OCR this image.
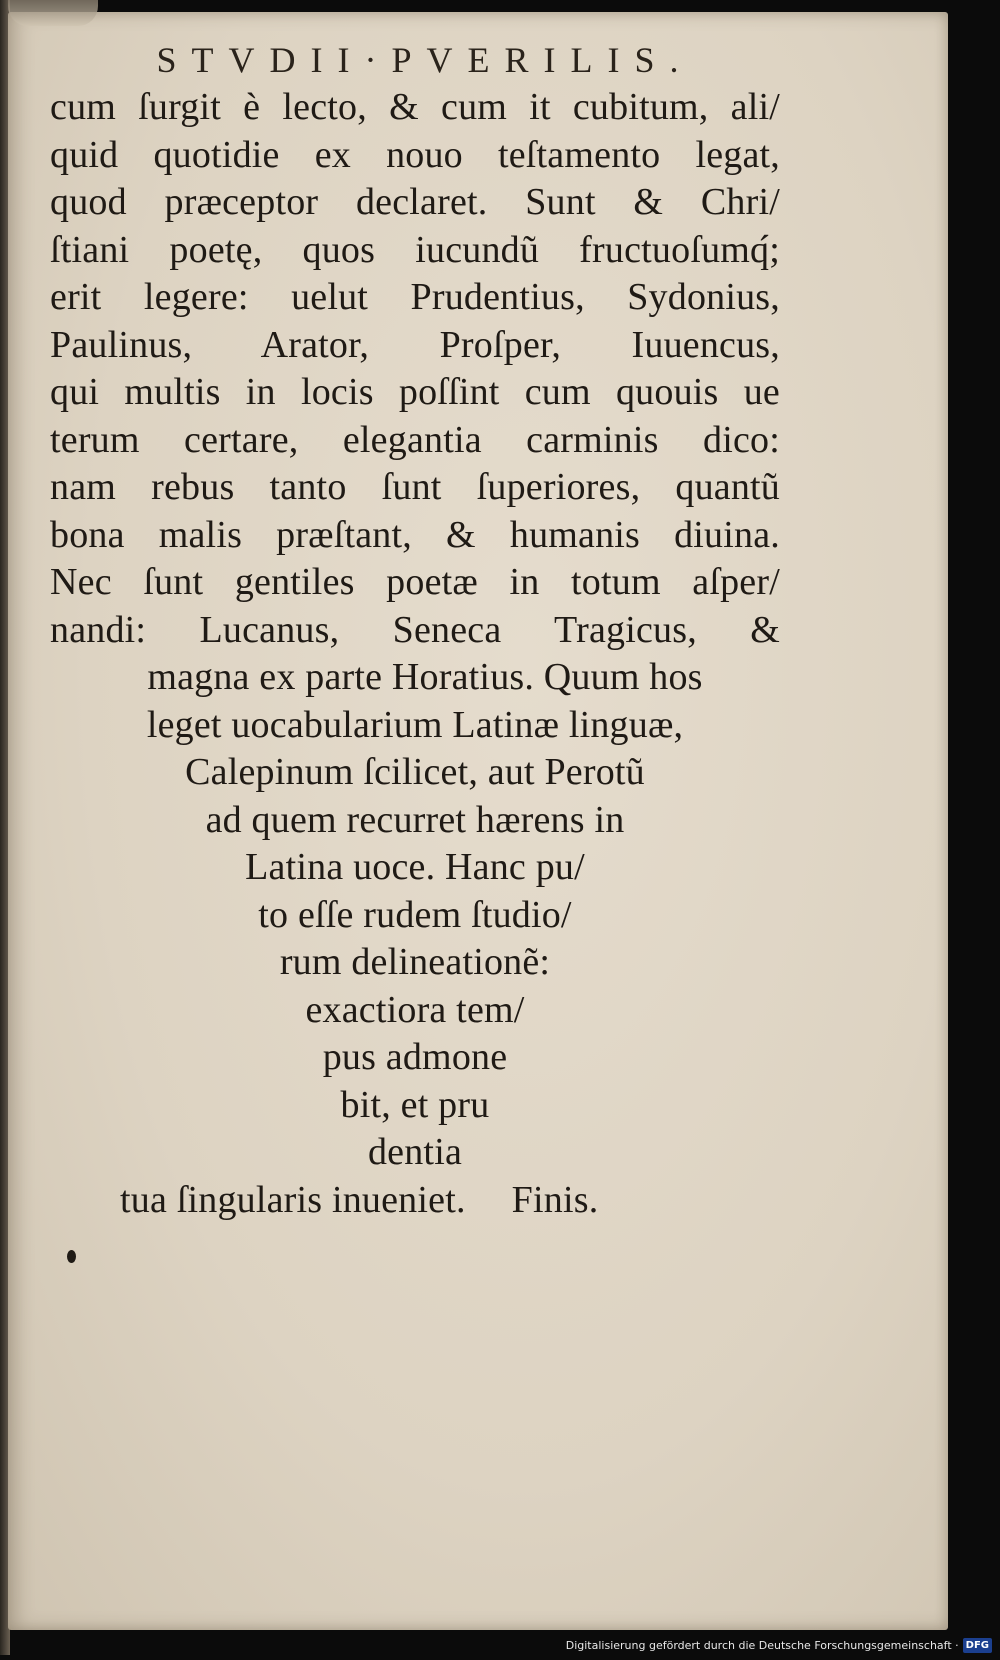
STVDII·PVERILIS.
cum ſurgit è lecto, & cum it cubitum, ali/
quid quotidie ex nouo teſtamento legat,
quod præceptor declaret. Sunt & Chri/
ſtiani poetę, quos iucundũ fructuoſumq́;
erit legere: uelut Prudentius, Sydonius,
Paulinus, Arator, Proſper, Iuuencus,
qui multis in locis poſſint cum quouis ue
terum certare, elegantia carminis dico:
nam rebus tanto ſunt ſuperiores, quantũ
bona malis præſtant, & humanis diuina.
Nec ſunt gentiles poetæ in totum aſper/
nandi: Lucanus, Seneca Tragicus, &
magna ex parte Horatius. Quum hos
leget uocabularium Latinæ linguæ,
Calepinum ſcilicet, aut Perotũ
ad quem recurret hærens in
Latina uoce. Hanc pu/
to eſſe rudem ſtudio/
rum delineationẽ:
exactiora tem/
pus admone
bit, et pru
dentia
tua ſingularis inueniet. Finis.
Digitalisierung gefördert durch die Deutsche Forschungsgemeinschaft · DFG
